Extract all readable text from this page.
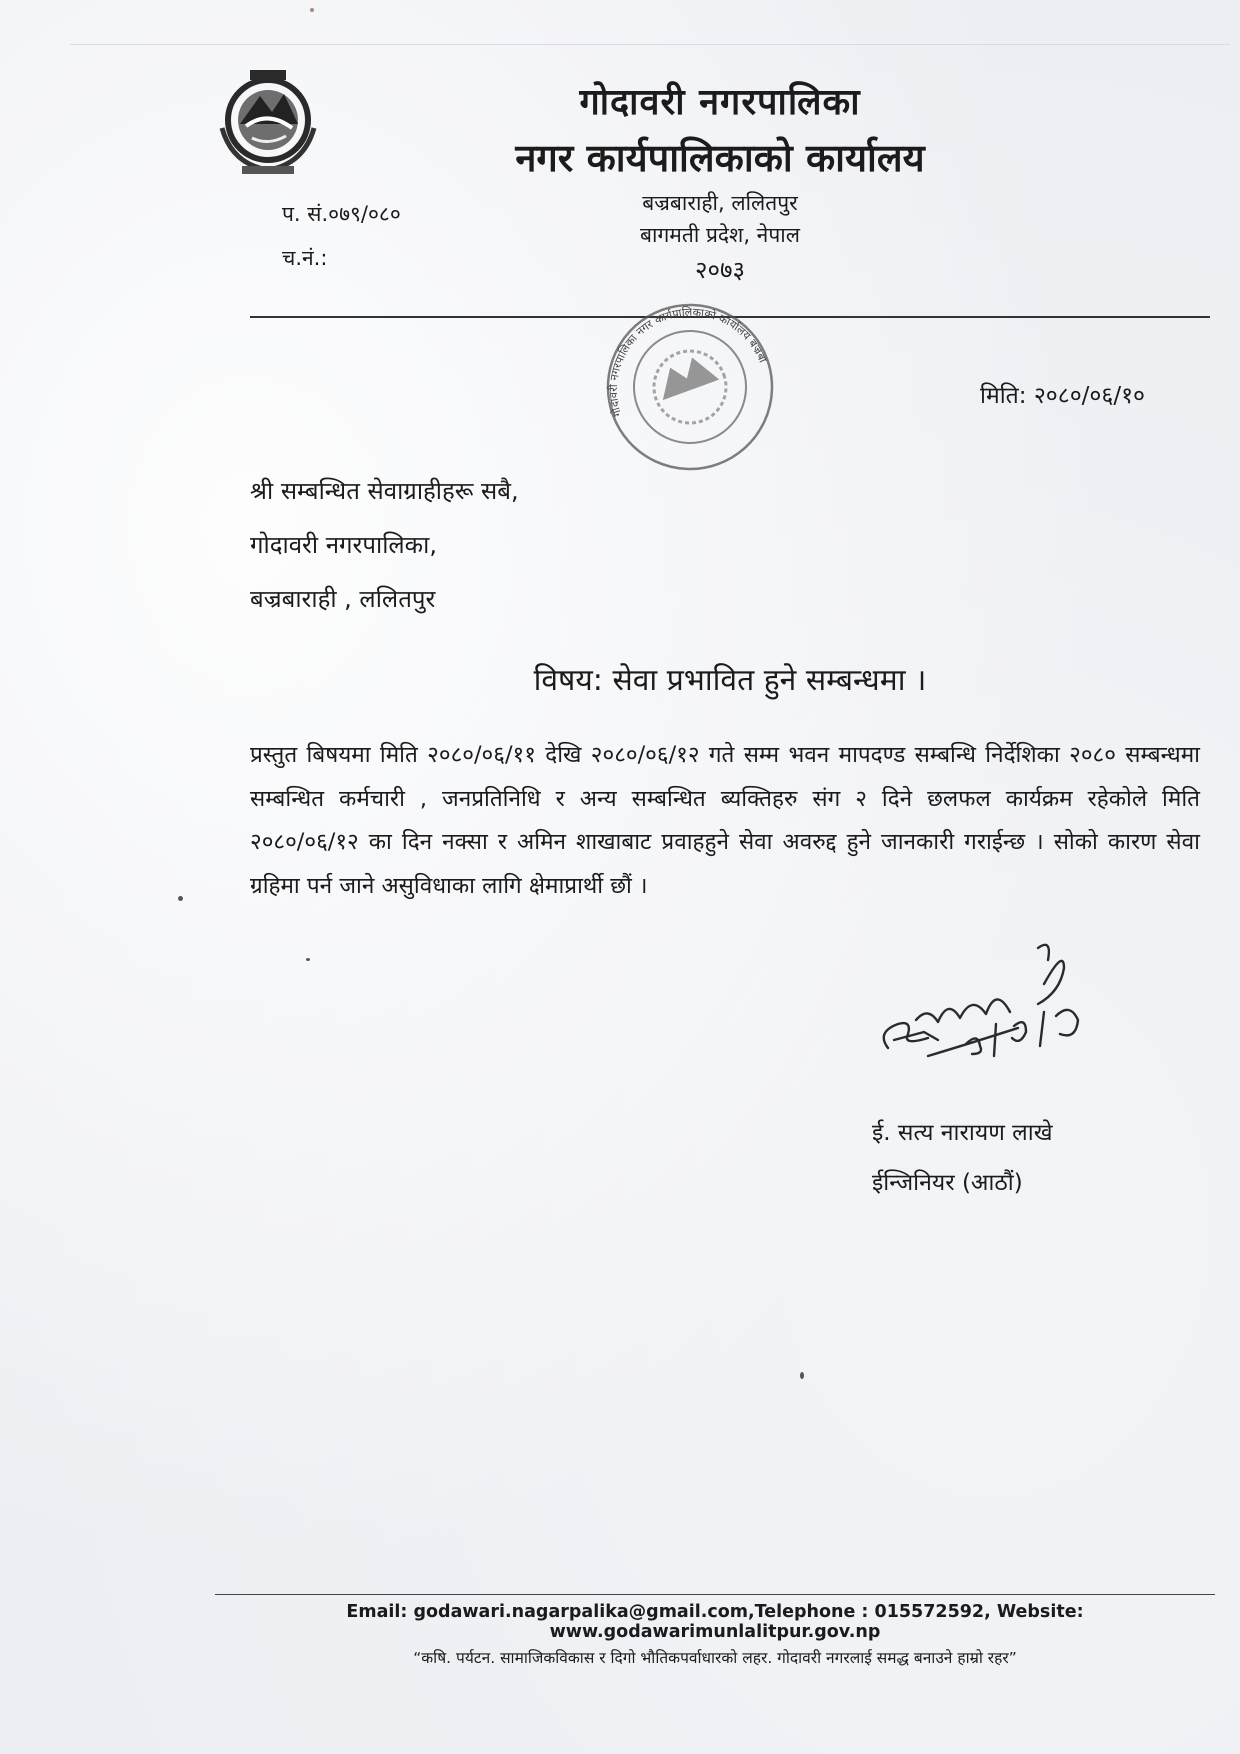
गोदावरी नगरपालिका
नगर कार्यपालिकाको कार्यालय
बज्रबाराही, ललितपुर
बागमती प्रदेश, नेपाल
२०७३
प. सं.०७९/०८०
च.नं.:
गोदावरी नगरपालिका नगर कार्यपालिकाको कार्यालय बज्रबाराही,
मिति: २०८०/०६/१०
श्री सम्बन्धित सेवाग्राहीहरू सबै,
गोदावरी नगरपालिका,
बज्रबाराही , ललितपुर
विषय: सेवा प्रभावित हुने सम्बन्धमा ।
प्रस्तुत बिषयमा मिति २०८०/०६/११ देखि २०८०/०६/१२ गते सम्म भवन मापदण्ड सम्बन्धि निर्देशिका २०८० सम्बन्धमा सम्बन्धित कर्मचारी , जनप्रतिनिधि र अन्य सम्बन्धित ब्यक्तिहरु संग २ दिने छलफल कार्यक्रम रहेकोले मिति २०८०/०६/१२ का दिन नक्सा र अमिन शाखाबाट प्रवाहहुने सेवा अवरुद्द हुने जानकारी गराईन्छ । सोको कारण सेवा ग्रहिमा पर्न जाने असुविधाका लागि क्षेमाप्रार्थी छौं ।
ई. सत्य नारायण लाखे
ईन्जिनियर (आठौं)
Email: godawari.nagarpalika@gmail.com,Telephone : 015572592, Website: www.godawarimunlalitpur.gov.np
“कषि. पर्यटन. सामाजिकविकास र दिगो भौतिकपर्वाधारको लहर. गोदावरी नगरलाई समद्ध बनाउने हाम्रो रहर”
